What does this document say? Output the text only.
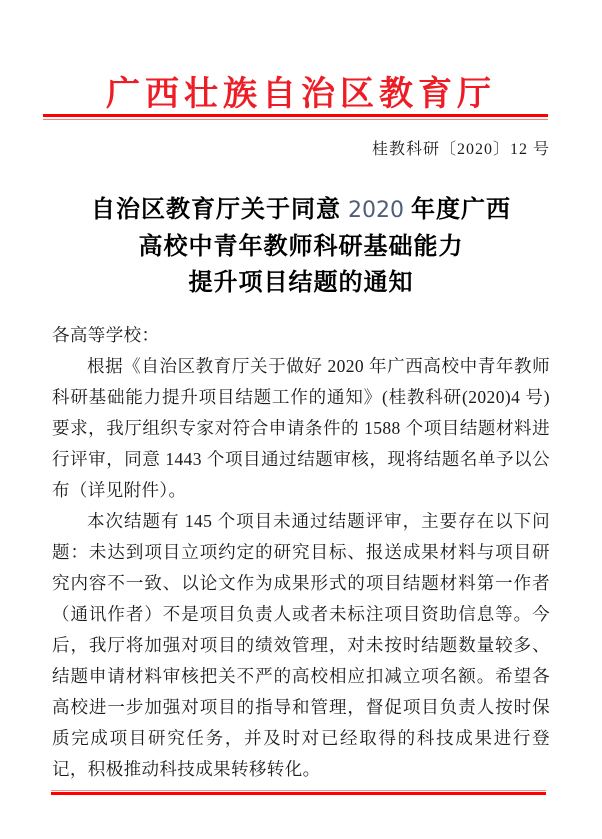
广西壮族自治区教育厅
桂教科研〔2020〕12 号
自治区教育厅关于同意 2020 年度广西
高校中青年教师科研基础能力
提升项目结题的通知

各高等学校：

根据《自治区教育厅关于做好 2020 年广西高校中青年教师科研基础能力提升项目结题工作的通知》(桂教科研(2020)4 号)要求，我厅组织专家对符合申请条件的 1588 个项目结题材料进行评审，同意 1443 个项目通过结题审核，现将结题名单予以公布（详见附件）。

本次结题有 145 个项目未通过结题评审，主要存在以下问题：未达到项目立项约定的研究目标、报送成果材料与项目研究内容不一致、以论文作为成果形式的项目结题材料第一作者（通讯作者）不是项目负责人或者未标注项目资助信息等。今后，我厅将加强对项目的绩效管理，对未按时结题数量较多、结题申请材料审核把关不严的高校相应扣减立项名额。希望各高校进一步加强对项目的指导和管理，督促项目负责人按时保质完成项目研究任务，并及时对已经取得的科技成果进行登记，积极推动科技成果转移转化。
